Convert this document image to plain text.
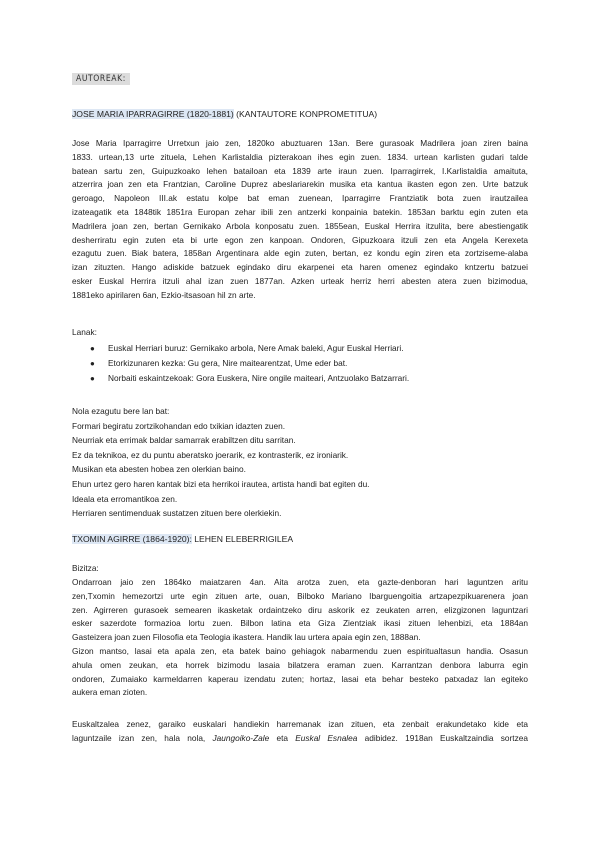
AUTOREAK:
JOSE MARIA IPARRAGIRRE (1820-1881) (KANTAUTORE KONPROMETITUA)
Jose Maria Iparragirre Urretxun jaio zen, 1820ko abuztuaren 13an. Bere gurasoak Madrilera joan ziren baina
1833. urtean,13 urte zituela, Lehen Karlistaldia pizterakoan ihes egin zuen. 1834. urtean karlisten gudari talde
batean sartu zen, Guipuzkoako lehen batailoan eta 1839 arte iraun zuen. Iparragirrek, I.Karlistaldia amaituta,
atzerrira joan zen eta Frantzian, Caroline Duprez abeslariarekin musika eta kantua ikasten egon zen. Urte batzuk
geroago, Napoleon III.ak estatu kolpe bat eman zuenean, Iparragirre Frantziatik bota zuen irautzailea
izateagatik eta 1848tik 1851ra Europan zehar ibili zen antzerki konpainia batekin. 1853an barktu egin zuten eta
Madrilera joan zen, bertan Gernikako Arbola konposatu zuen. 1855ean, Euskal Herrira itzulita, bere abestiengatik
desherriratu egin zuten eta bi urte egon zen kanpoan. Ondoren, Gipuzkoara itzuli zen eta Angela Kerexeta
ezagutu zuen. Biak batera, 1858an Argentinara alde egin zuten, bertan, ez kondu egin ziren eta zortziseme-alaba
izan zituzten. Hango adiskide batzuek egindako diru ekarpenei eta haren omenez egindako kntzertu batzuei
esker Euskal Herrira itzuli ahal izan zuen 1877an. Azken urteak herriz herri abesten atera zuen bizimodua,
1881eko apirilaren 6an, Ezkio-itsasoan hil zn arte.
Lanak:
● Euskal Herriari buruz: Gernikako arbola, Nere Amak baleki, Agur Euskal Herriari.
● Etorkizunaren kezka: Gu gera, Nire maitearentzat, Ume eder bat.
● Norbaiti eskaintzekoak: Gora Euskera, Nire ongile maiteari, Antzuolako Batzarrari.
Nola ezagutu bere lan bat:
Formari begiratu zortzikohandan edo txikian idazten zuen.
Neurriak eta errimak baldar samarrak erabiltzen ditu sarritan.
Ez da teknikoa, ez du puntu aberatsko joerarik, ez kontrasterik, ez ironiarik.
Musikan eta abesten hobea zen olerkian baino.
Ehun urtez gero haren kantak bizi eta herrikoi irautea, artista handi bat egiten du.
Ideala eta erromantikoa zen.
Herriaren sentimenduak sustatzen zituen bere olerkiekin.
TXOMIN AGIRRE (1864-1920): LEHEN ELEBERRIGILEA
Bizitza:
Ondarroan jaio zen 1864ko maiatzaren 4an. Aita arotza zuen, eta gazte-denboran hari laguntzen aritu
zen,Txomin hemezortzi urte egin zituen arte, ouan, Bilboko Mariano Ibarguengoitia artzapezpikuarenera joan
zen. Agirreren gurasoek semearen ikasketak ordaintzeko diru askorik ez zeukaten arren, elizgizonen laguntzari
esker sazerdote formazioa lortu zuen. Bilbon latina eta Giza Zientziak ikasi zituen lehenbizi, eta 1884an
Gasteizera joan zuen Filosofia eta Teologia ikastera. Handik lau urtera apaia egin zen, 1888an.
Gizon mantso, lasai eta apala zen, eta batek baino gehiagok nabarmendu zuen espiritualtasun handia. Osasun
ahula omen zeukan, eta horrek bizimodu lasaia bilatzera eraman zuen. Karrantzan denbora laburra egin
ondoren, Zumaiako karmeldarren kaperau izendatu zuten; hortaz, lasai eta behar besteko patxadaz lan egiteko
aukera eman zioten.
Euskaltzalea zenez, garaiko euskalari handiekin harremanak izan zituen, eta zenbait erakundetako kide eta
laguntzaile izan zen, hala nola, Jaungoiko-Zale eta Euskal Esnalea adibidez. 1918an Euskaltzaindia sortzea
